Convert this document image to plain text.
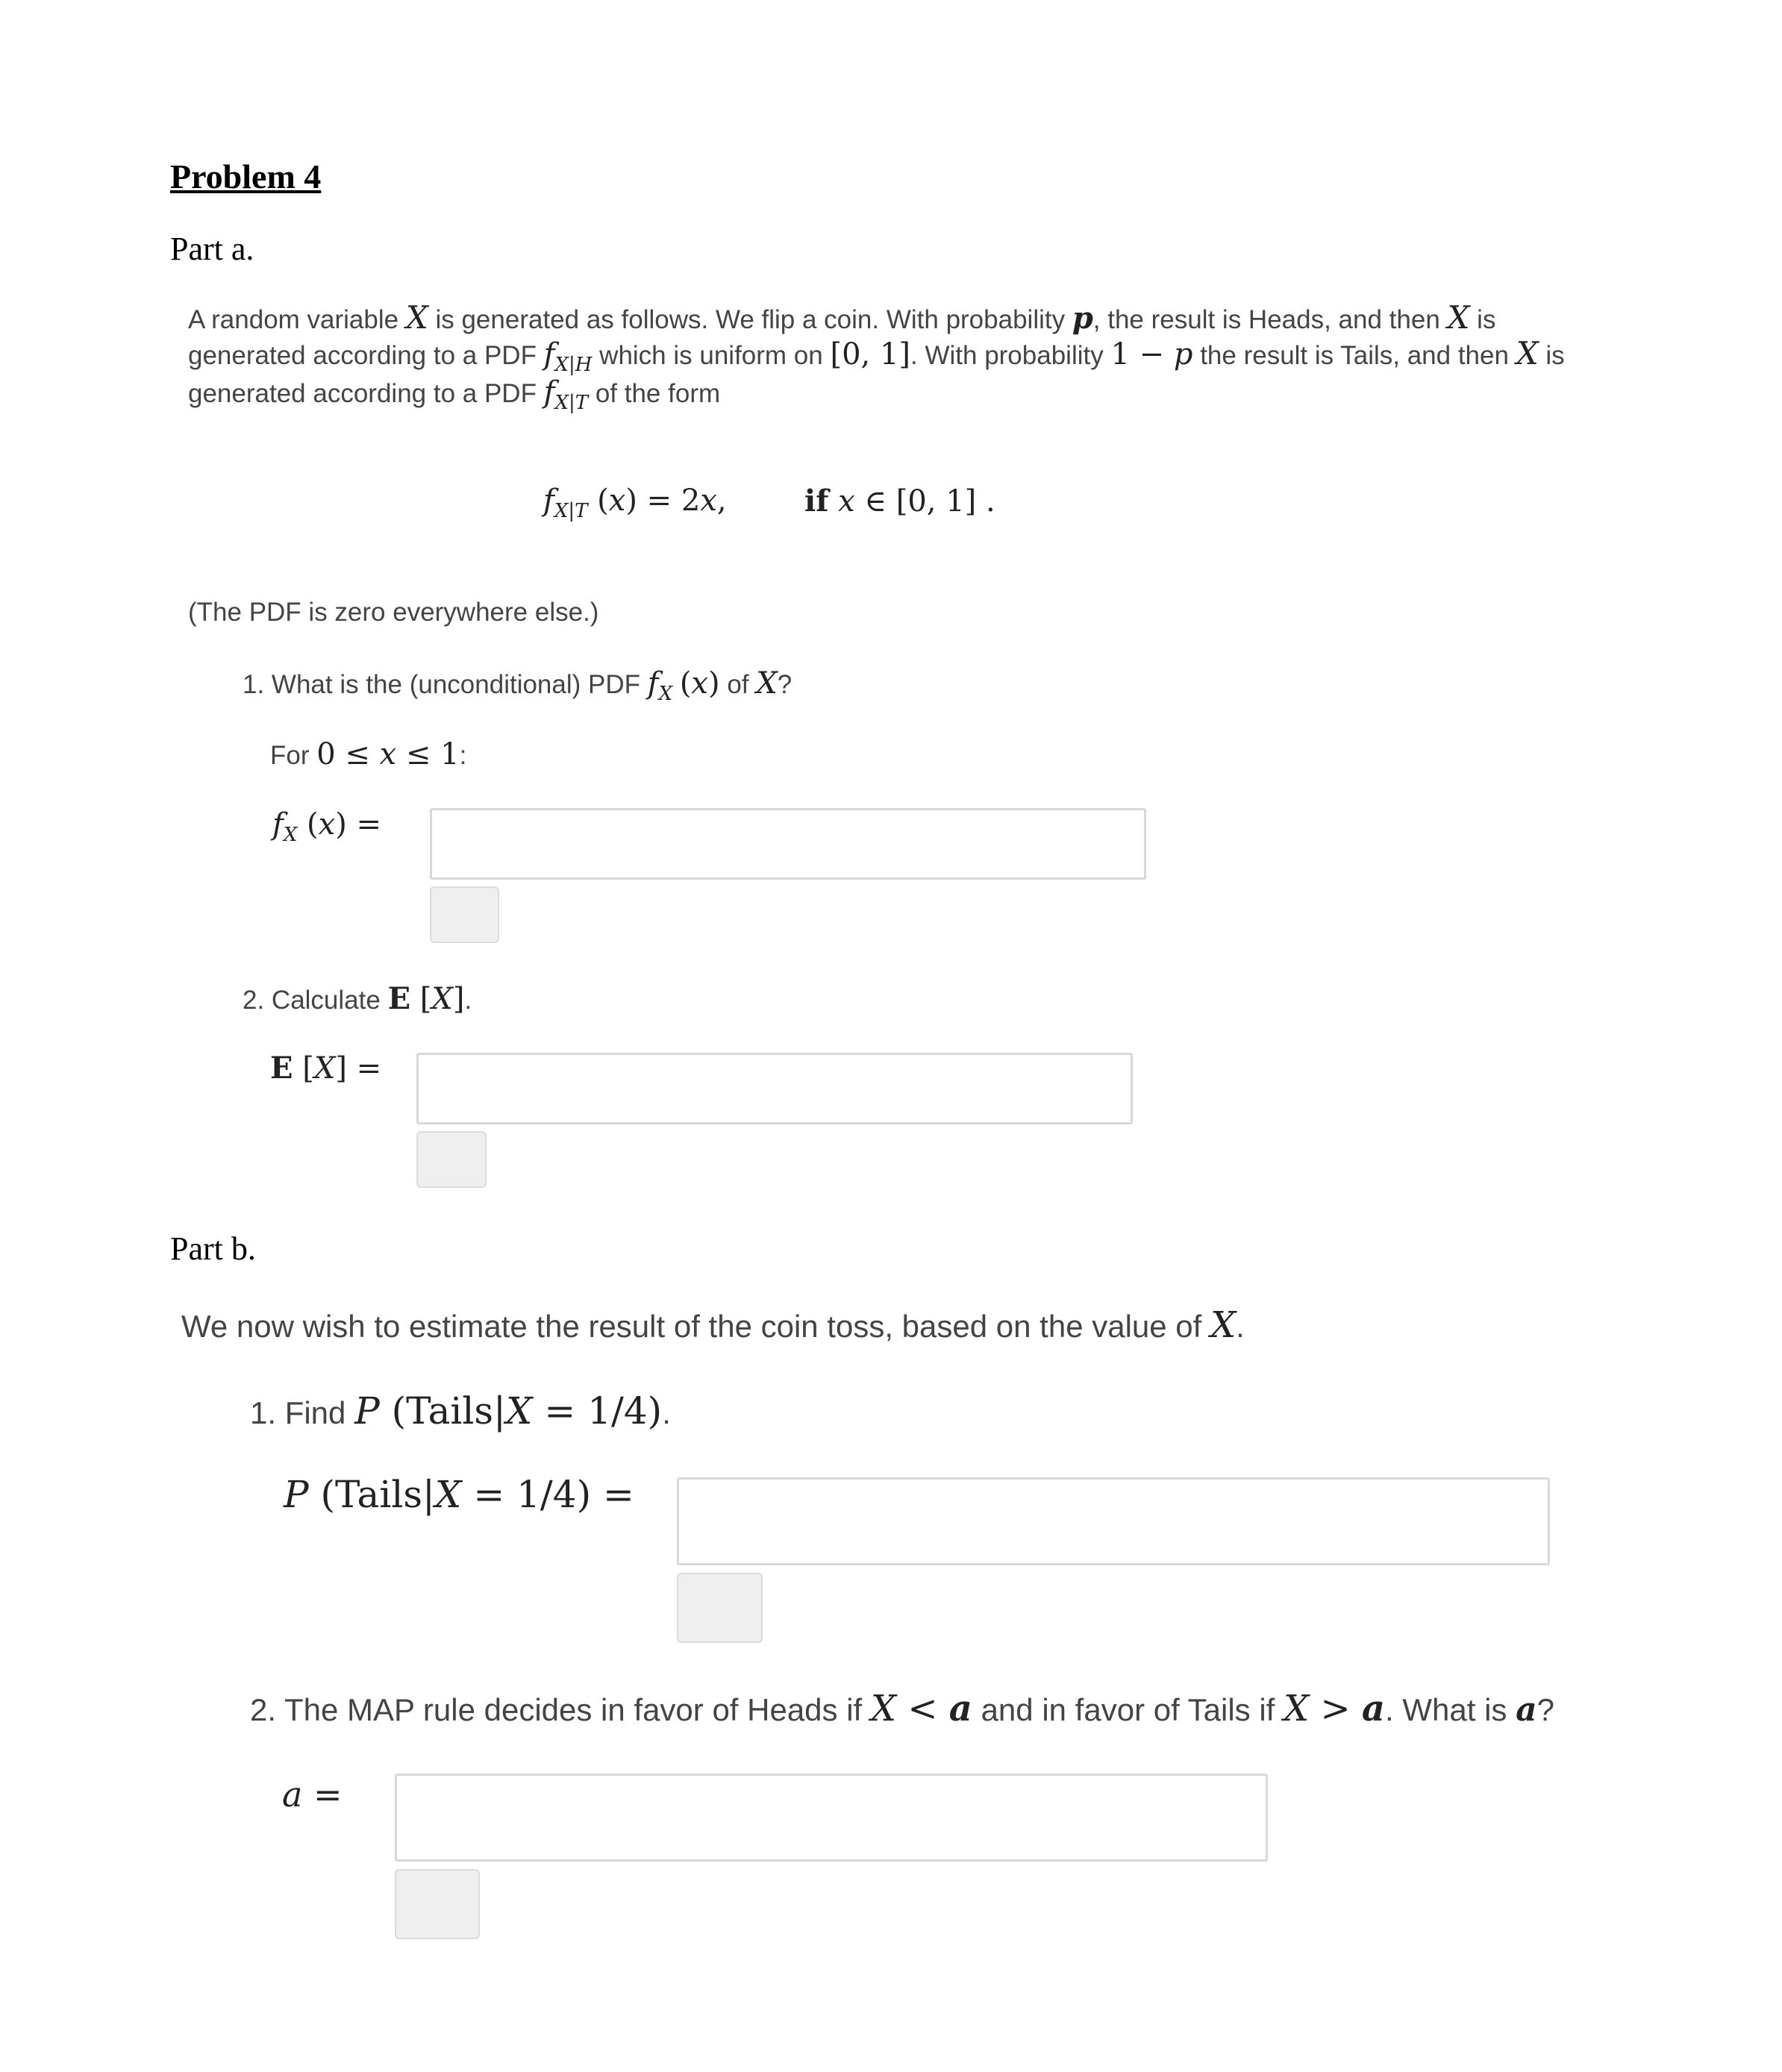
Problem 4
Part a.
A random variable X is generated as follows. We flip a coin. With probability p, the result is Heads, and then X is
generated according to a PDF $f_{X|H}$ which is uniform on [0, 1]. With probability 1 − p the result is Tails, and then X is
generated according to a PDF $f_{X|T}$ of the form
$f_{X|T}$ (x) = 2x,	if x ∈ [0, 1] .
(The PDF is zero everywhere else.)
1. What is the (unconditional) PDF $f_X$ (x) of X?
For 0 ≤ x ≤ 1:
$f_X$ (x) =
2. Calculate E [X].
E [X] =
Part b.
We now wish to estimate the result of the coin toss, based on the value of X.
1. Find P (Tails|X = 1/4).
P (Tails|X = 1/4) =
2. The MAP rule decides in favor of Heads if X < a and in favor of Tails if X > a. What is a?
a =
